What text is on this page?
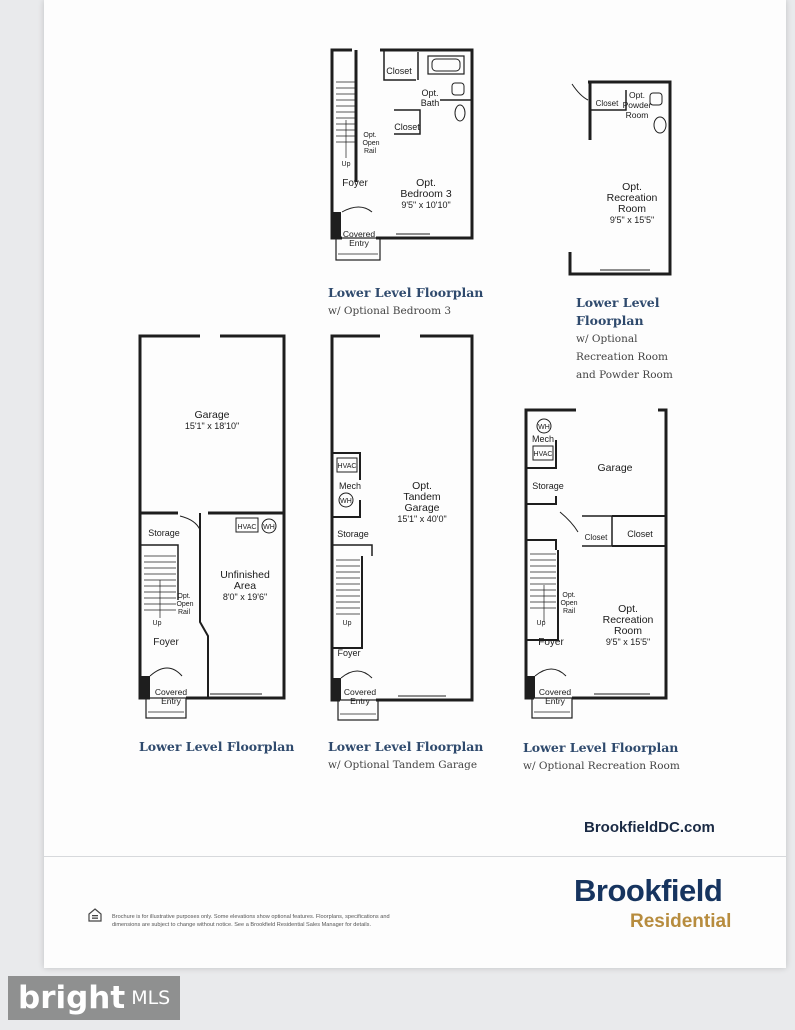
Closet
Opt.
Bath
Closet
Opt.
Open
Rail
Up
Foyer	Opt.
Bedroom 3
9'5" x 10'10"
Covered
Entry
Closet
Opt.
Powder
Room
Opt.
Recreation
Room
9'5" x 15'5"
Garage
15'1" x 18'10"
Storage
HVAC WH
Unfinished
Area
8'0" x 19'6"
Opt.
Open
Rail
Up
Foyer
Covered
Entry
HVAC
Mech
WH
Storage
Opt.
Tandem
Garage
15'1" x 40'0"
Up
Foyer
Covered
Entry
WH
Mech
HVAC
Garage
Storage
Closet Closet
Opt.
Open
Rail
Up
Opt.
Recreation
Room
9'5" x 15'5"
Foyer
Covered
Entry
Lower Level Floorplan
w/ Optional Bedroom 3
Lower Level
Floorplan
w/ Optional
Recreation Room
and Powder Room
Lower Level Floorplan	Lower Level Floorplan
w/ Optional Tandem Garage
Lower Level Floorplan
w/ Optional Recreation Room
BrookfieldDC.com
Brochure is for illustrative purposes only. Some elevations show optional features. Floorplans, specifications and dimensions are subject to change without notice. See a Brookfield Residential Sales Manager for details.
Brookfield
Residential
bright MLS
